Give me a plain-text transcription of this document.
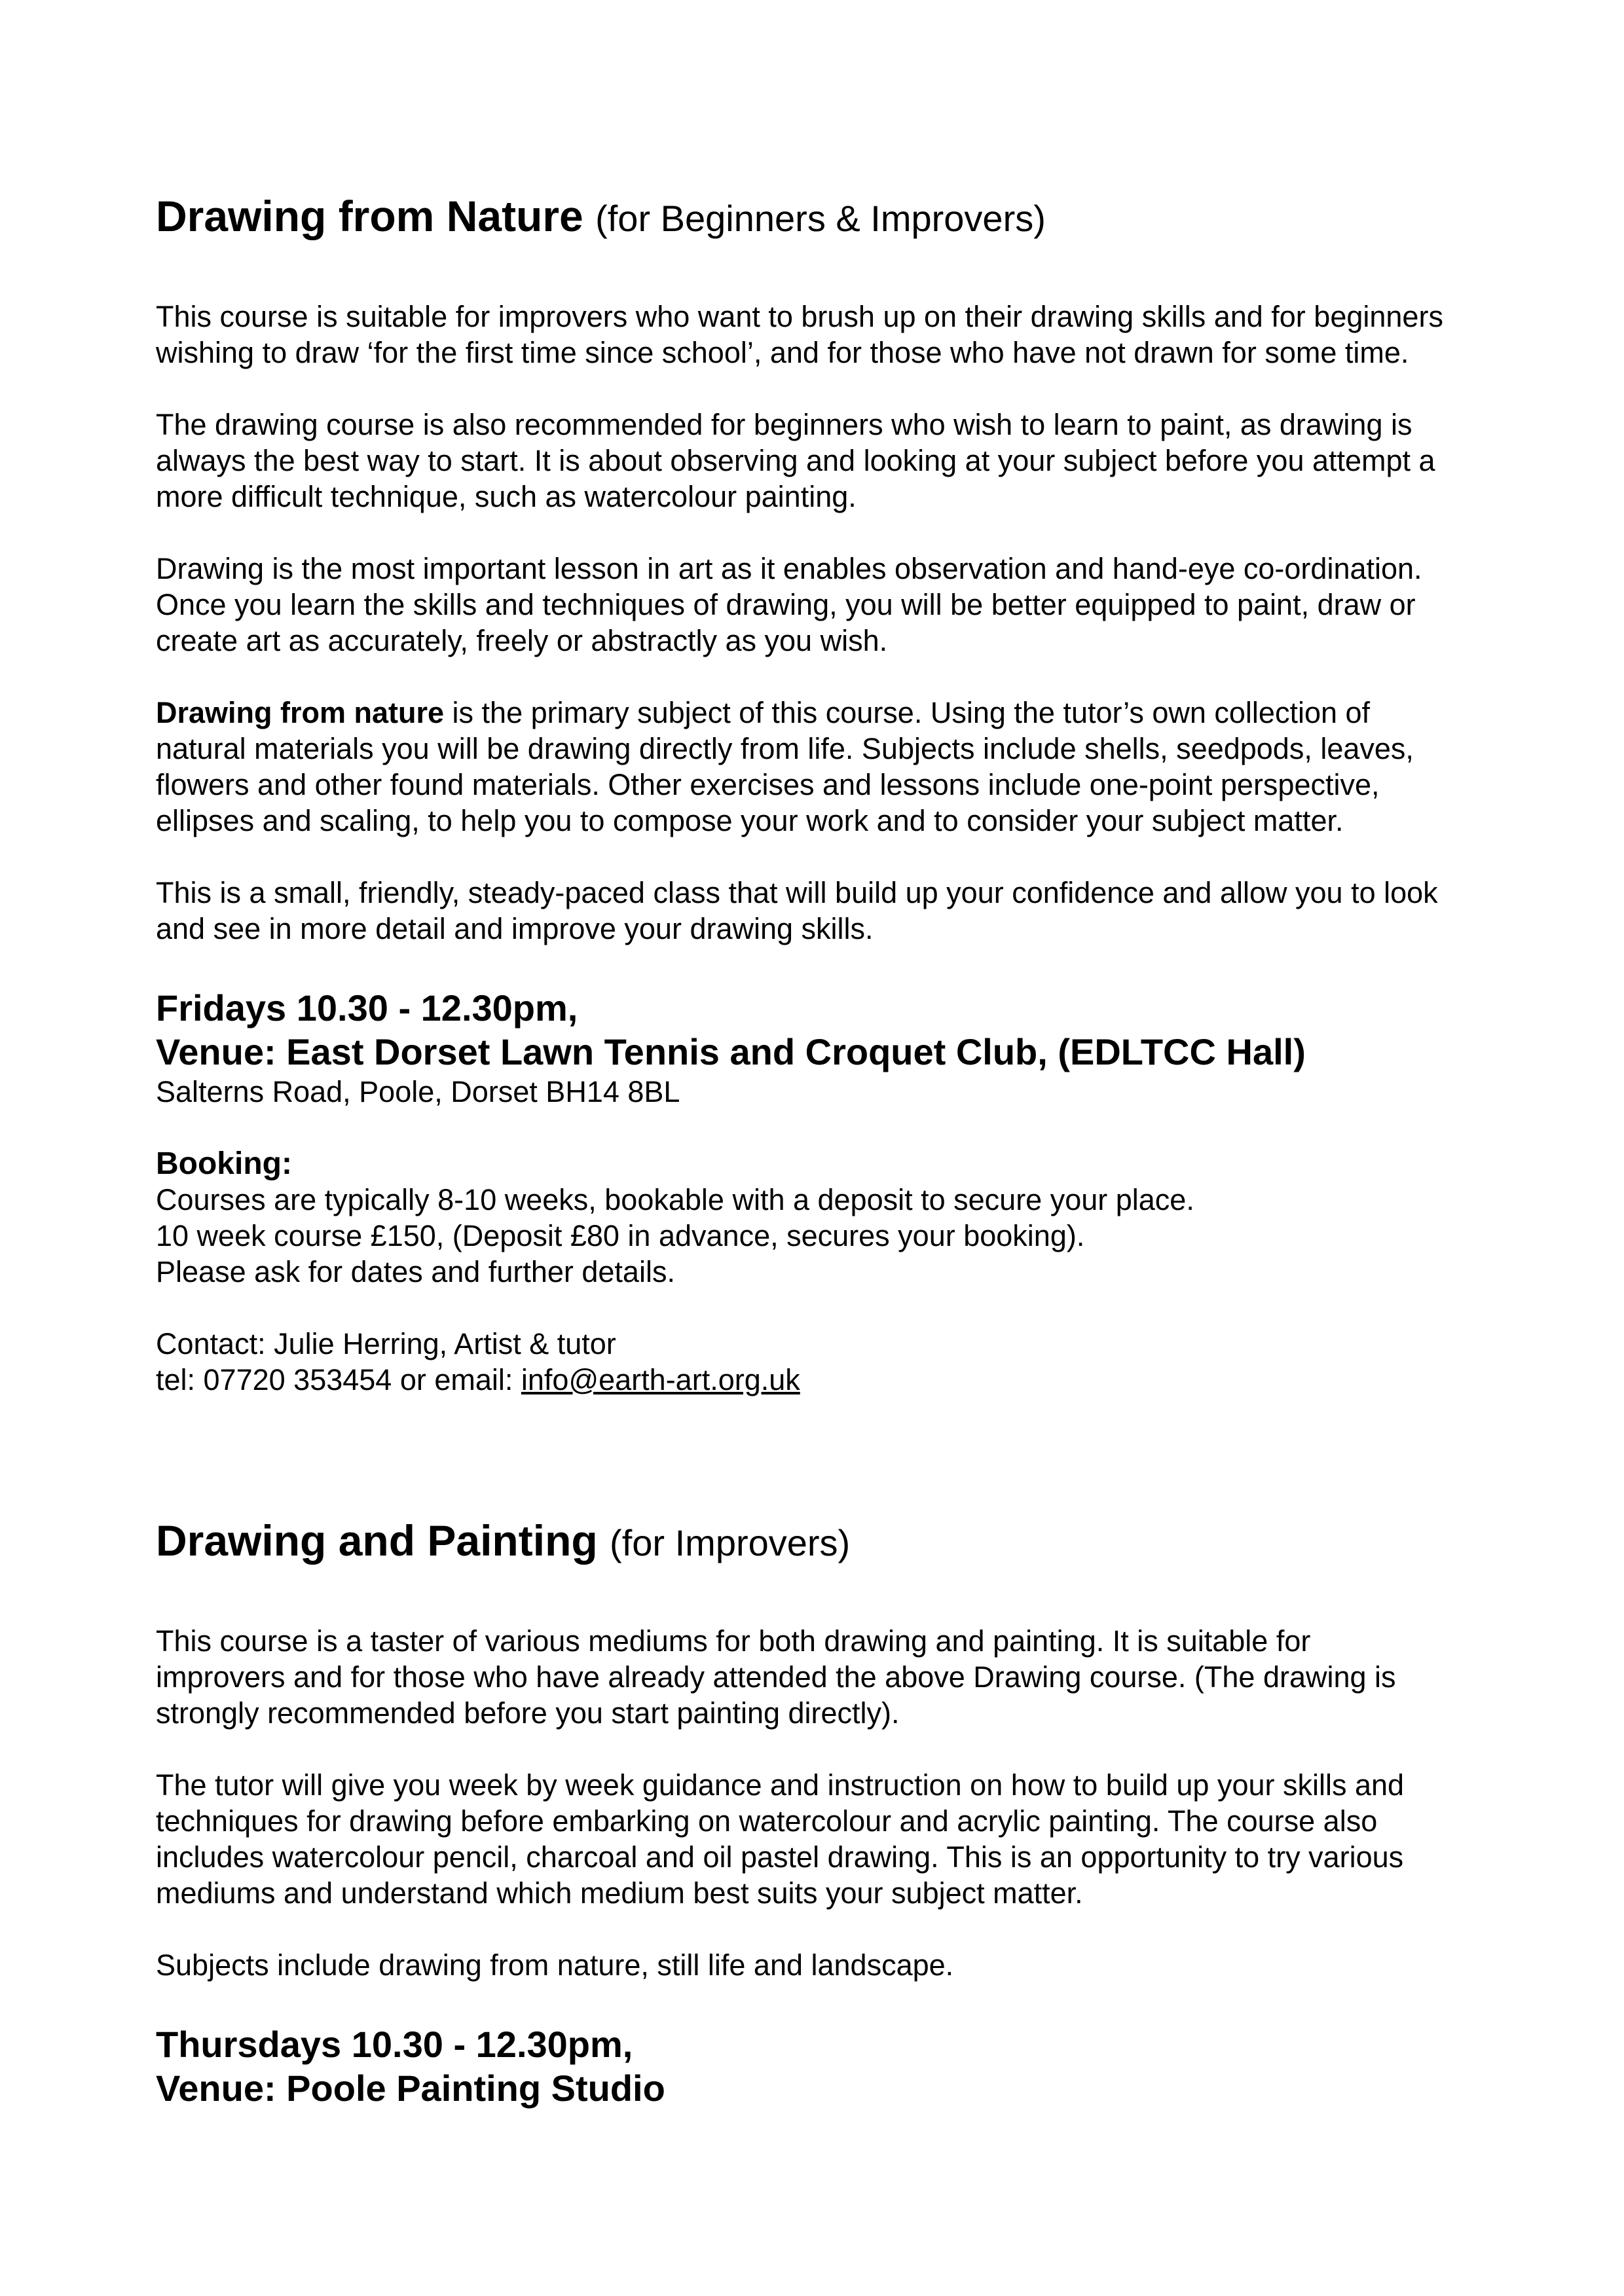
Drawing from Nature (for Beginners & Improvers)

This course is suitable for improvers who want to brush up on their drawing skills and for beginners
wishing to draw ‘for the first time since school’, and for those who have not drawn for some time.

The drawing course is also recommended for beginners who wish to learn to paint, as drawing is
always the best way to start. It is about observing and looking at your subject before you attempt a
more difficult technique, such as watercolour painting.

Drawing is the most important lesson in art as it enables observation and hand-eye co-ordination.
Once you learn the skills and techniques of drawing, you will be better equipped to paint, draw or
create art as accurately, freely or abstractly as you wish.

Drawing from nature is the primary subject of this course. Using the tutor’s own collection of
natural materials you will be drawing directly from life. Subjects include shells, seedpods, leaves,
flowers and other found materials. Other exercises and lessons include one-point perspective,
ellipses and scaling, to help you to compose your work and to consider your subject matter.

This is a small, friendly, steady-paced class that will build up your confidence and allow you to look
and see in more detail and improve your drawing skills.

Fridays 10.30 - 12.30pm,
Venue: East Dorset Lawn Tennis and Croquet Club, (EDLTCC Hall)

Salterns Road, Poole, Dorset BH14 8BL

Booking:

Courses are typically 8-10 weeks, bookable with a deposit to secure your place.
10 week course £150, (Deposit £80 in advance, secures your booking).
Please ask for dates and further details.

Contact: Julie Herring, Artist & tutor
tel: 07720 353454 or email: info@earth-art.org.uk

Drawing and Painting (for Improvers)

This course is a taster of various mediums for both drawing and painting. It is suitable for
improvers and for those who have already attended the above Drawing course. (The drawing is
strongly recommended before you start painting directly).

The tutor will give you week by week guidance and instruction on how to build up your skills and
techniques for drawing before embarking on watercolour and acrylic painting. The course also
includes watercolour pencil, charcoal and oil pastel drawing. This is an opportunity to try various
mediums and understand which medium best suits your subject matter.

Subjects include drawing from nature, still life and landscape.

Thursdays 10.30 - 12.30pm,
Venue: Poole Painting Studio
